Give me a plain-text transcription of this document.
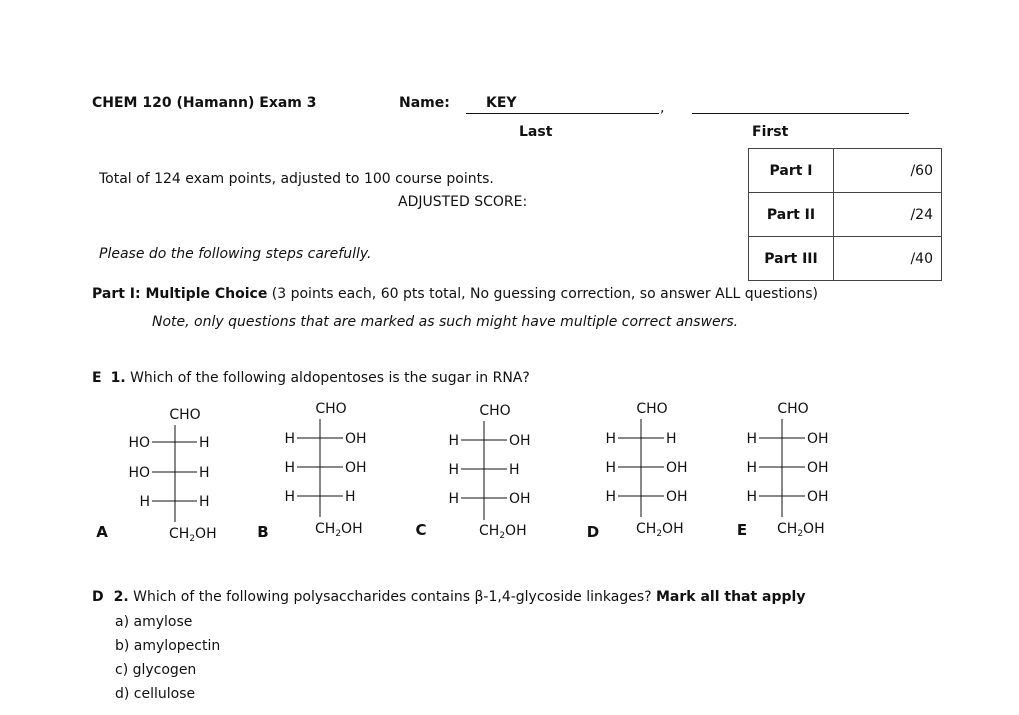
CHEM 120 (Hamann) Exam 3	Name:	KEY	,
Last	First
Total of 124 exam points, adjusted to 100 course points.
ADJUSTED SCORE:
Please do the following steps carefully.
Part I	/60
Part II	/24
Part III	/40
Part I: Multiple Choice (3 points each, 60 pts total, No guessing correction, so answer ALL questions)
Note, only questions that are marked as such might have multiple correct answers.
E 1. Which of the following aldopentoses is the sugar in RNA?
A
CHO
HO	H
HO	H
H	H
$CH_2OH$	B
CHO
H	OH
H	OH
H	H
$CH_2OH$	C
CHO
H	OH
H	H
H	OH
$CH_2OH$	D
CHO
H	H
H	OH
H	OH
$CH_2OH$	E
CHO
H	OH
H	OH
H	OH
$CH_2OH$
D 2. Which of the following polysaccharides contains β-1,4-glycoside linkages? Mark all that apply
a) amylose
b) amylopectin
c) glycogen
d) cellulose
